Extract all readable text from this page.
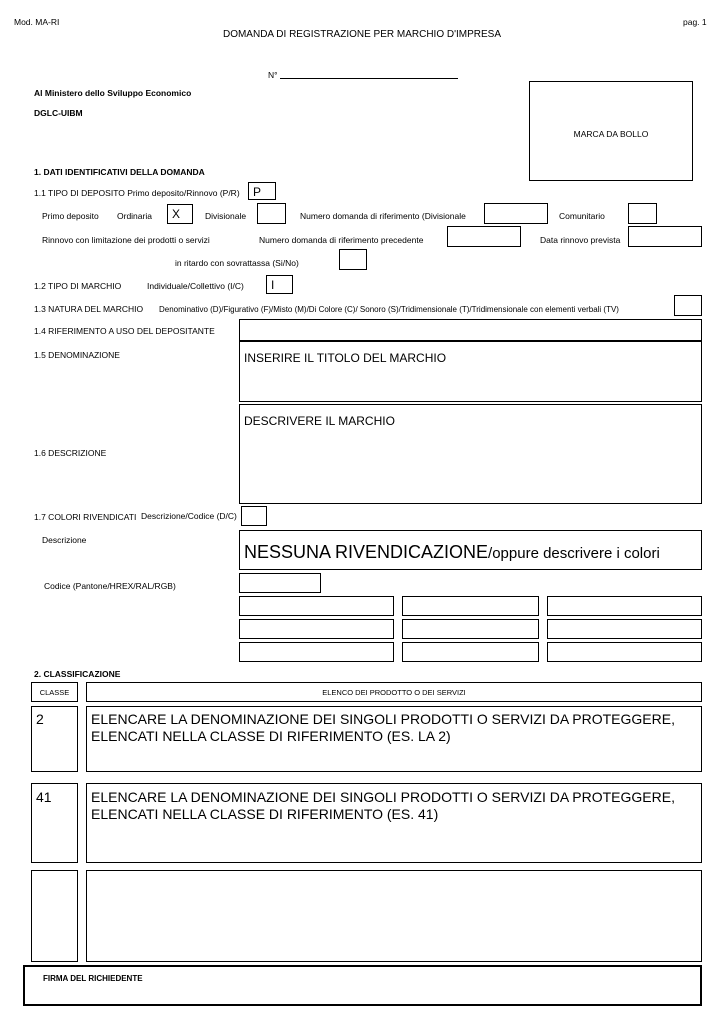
Mod. MA-RI	pag. 1
DOMANDA DI REGISTRAZIONE PER MARCHIO D'IMPRESA
N°
Al Ministero dello Sviluppo Economico
DGLC-UIBM
MARCA DA BOLLO
1. DATI IDENTIFICATIVI DELLA DOMANDA
1.1 TIPO DI DEPOSITO Primo deposito/Rinnovo (P/R) P
Primo deposito Ordinaria X	Divisionale	Numero domanda di riferimento (Divisionale	Comunitario
Rinnovo con limitazione dei prodotti o servizi	Numero domanda di riferimento precedente	Data rinnovo prevista
in ritardo con sovrattassa (Si/No)
1.2 TIPO DI MARCHIO	Individuale/Collettivo (I/C) I
1.3 NATURA DEL MARCHIO Denominativo (D)/Figurativo (F)/Misto (M)/Di Colore (C)/ Sonoro (S)/Tridimensionale (T)/Tridimensionale con elementi verbali (TV)
1.4 RIFERIMENTO A USO DEL DEPOSITANTE
1.5 DENOMINAZIONE	INSERIRE IL TITOLO DEL MARCHIO
DESCRIVERE IL MARCHIO
1.6 DESCRIZIONE
1.7 COLORI RIVENDICATI Descrizione/Codice (D/C)
Descrizione
NESSUNA RIVENDICAZIONE/oppure descrivere i colori
Codice (Pantone/HREX/RAL/RGB)
2. CLASSIFICAZIONE
CLASSE	ELENCO DEI PRODOTTO O DEI SERVIZI
2	ELENCARE LA DENOMINAZIONE DEI SINGOLI PRODOTTI O SERVIZI DA PROTEGGERE, ELENCATI NELLA CLASSE DI RIFERIMENTO (ES. LA 2)
41	ELENCARE LA DENOMINAZIONE DEI SINGOLI PRODOTTI O SERVIZI DA PROTEGGERE, ELENCATI NELLA CLASSE DI RIFERIMENTO (ES. 41)
FIRMA DEL RICHIEDENTE
